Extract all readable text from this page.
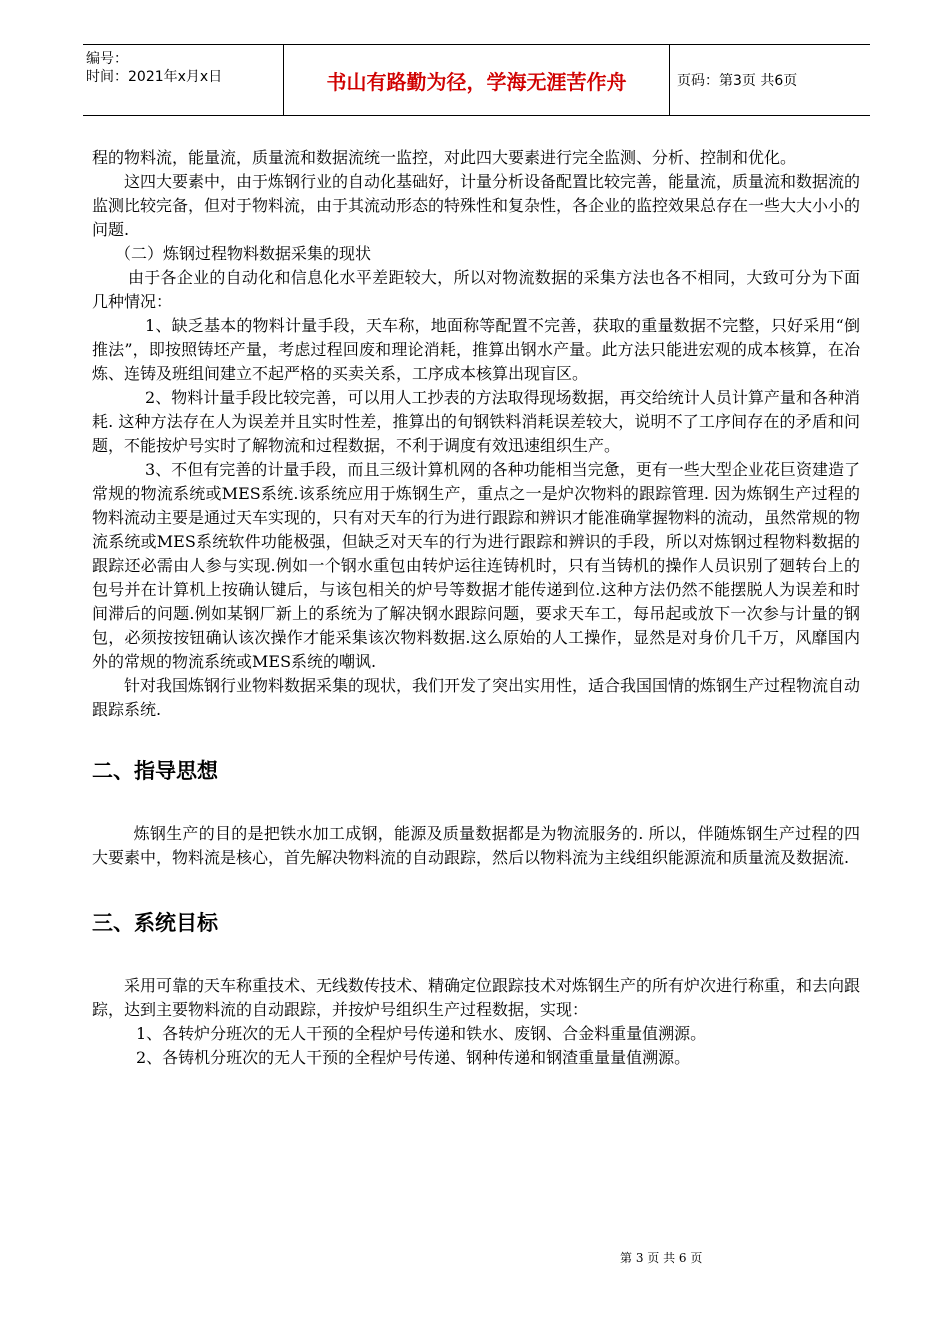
编号：
时间：2021年x月x日	书山有路勤为径，学海无涯苦作舟	页码：第3页 共6页

程的物料流，能量流，质量流和数据流统一监控，对此四大要素进行完全监测、分析、控制和优化。

这四大要素中，由于炼钢行业的自动化基础好，计量分析设备配置比较完善，能量流，质量流和数据流的监测比较完备，但对于物料流，由于其流动形态的特殊性和复杂性，各企业的监控效果总存在一些大大小小的问题.

（二）炼钢过程物料数据采集的现状

由于各企业的自动化和信息化水平差距较大，所以对物流数据的采集方法也各不相同，大致可分为下面几种情况：

1、缺乏基本的物料计量手段，天车称，地面称等配置不完善，获取的重量数据不完整，只好采用“倒推法”，即按照铸坯产量，考虑过程回废和理论消耗，推算出钢水产量。此方法只能进宏观的成本核算，在冶炼、连铸及班组间建立不起严格的买卖关系，工序成本核算出现盲区。

2、物料计量手段比较完善，可以用人工抄表的方法取得现场数据，再交给统计人员计算产量和各种消耗. 这种方法存在人为误差并且实时性差，推算出的旬钢铁料消耗误差较大，说明不了工序间存在的矛盾和问题，不能按炉号实时了解物流和过程数据，不利于调度有效迅速组织生产。

3、不但有完善的计量手段，而且三级计算机网的各种功能相当完惫，更有一些大型企业花巨资建造了常规的物流系统或MES系统.该系统应用于炼钢生产，重点之一是炉次物料的跟踪管理. 因为炼钢生产过程的物料流动主要是通过天车实现的，只有对天车的行为进行跟踪和辨识才能准确掌握物料的流动，虽然常规的物流系统或MES系统软件功能极强，但缺乏对天车的行为进行跟踪和辨识的手段，所以对炼钢过程物料数据的跟踪还必需由人参与实现.例如一个钢水重包由转炉运往连铸机时，只有当铸机的操作人员识别了廻转台上的包号并在计算机上按确认键后，与该包相关的炉号等数据才能传递到位.这种方法仍然不能摆脱人为误差和时间滞后的问题.例如某钢厂新上的系统为了解决钢水跟踪问题，要求天车工，每吊起或放下一次参与计量的钢包，必须按按钮确认该次操作才能采集该次物料数据.这么原始的人工操作，显然是对身价几千万，风靡国内外的常规的物流系统或MES系统的嘲讽.

针对我国炼钢行业物料数据采集的现状，我们开发了突出实用性，适合我国国情的炼钢生产过程物流自动跟踪系统.

二、指导思想

炼钢生产的目的是把铁水加工成钢，能源及质量数据都是为物流服务的. 所以，伴随炼钢生产过程的四大要素中，物料流是核心，首先解决物料流的自动跟踪，然后以物料流为主线组织能源流和质量流及数据流.

三、系统目标

采用可靠的天车称重技术、无线数传技术、精确定位跟踪技术对炼钢生产的所有炉次进行称重，和去向跟踪，达到主要物料流的自动跟踪，并按炉号组织生产过程数据，实现：

1、各转炉分班次的无人干预的全程炉号传递和铁水、废钢、合金料重量值溯源。

2、各铸机分班次的无人干预的全程炉号传递、钢种传递和钢渣重量量值溯源。

第 3 页 共 6 页
